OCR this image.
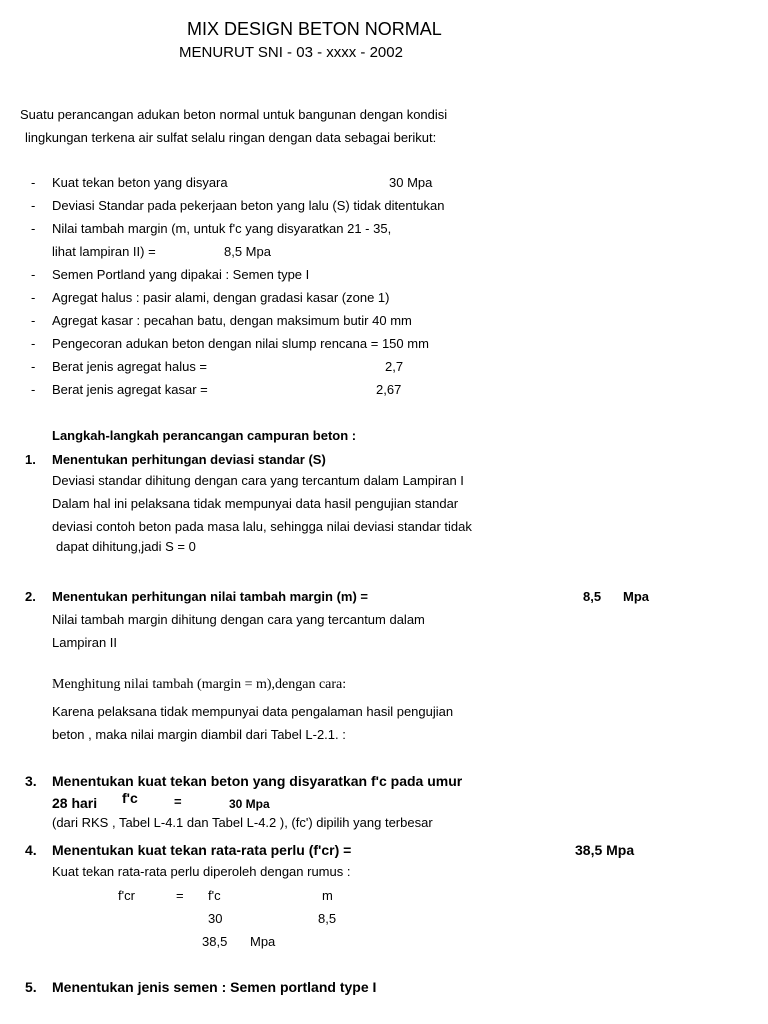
MIX DESIGN BETON NORMAL
MENURUT SNI - 03 - xxxx - 2002
Suatu perancangan adukan beton normal untuk bangunan dengan kondisi
lingkungan terkena air sulfat selalu ringan dengan data sebagai berikut:
- Kuat tekan beton yang disyara	30 Mpa
- Deviasi Standar pada pekerjaan beton yang lalu (S) tidak ditentukan
- Nilai tambah margin (m, untuk f'c yang disyaratkan 21 - 35,
lihat lampiran II) =	8,5 Mpa
- Semen Portland yang dipakai : Semen type I
- Agregat halus : pasir alami, dengan gradasi kasar (zone 1)
- Agregat kasar : pecahan batu, dengan maksimum butir 40 mm
- Pengecoran adukan beton dengan nilai slump rencana = 150 mm
- Berat jenis agregat halus =	2,7
- Berat jenis agregat kasar =	2,67
Langkah-langkah perancangan campuran beton :
1. Menentukan perhitungan deviasi standar (S)
Deviasi standar dihitung dengan cara yang tercantum dalam Lampiran I
Dalam hal ini pelaksana tidak mempunyai data hasil pengujian standar
deviasi contoh beton pada masa lalu, sehingga nilai deviasi standar tidak
dapat dihitung,jadi S = 0
2. Menentukan perhitungan nilai tambah margin (m) =	8,5 Mpa
Nilai tambah margin dihitung dengan cara yang tercantum dalam
Lampiran II
Menghitung nilai tambah (margin = m),dengan cara:
Karena pelaksana tidak mempunyai data pengalaman hasil pengujian
beton , maka nilai margin diambil dari Tabel L-2.1. :
3. Menentukan kuat tekan beton yang disyaratkan f'c pada umur
28 hari f'c	=	30 Mpa
(dari RKS , Tabel L-4.1 dan Tabel L-4.2 ), (fc') dipilih yang terbesar
4. Menentukan kuat tekan rata-rata perlu (f'cr) =	38,5 Mpa
Kuat tekan rata-rata perlu diperoleh dengan rumus :
f'cr	= f'c	m
30	8,5
38,5 Mpa
5. Menentukan jenis semen : Semen portland type I
